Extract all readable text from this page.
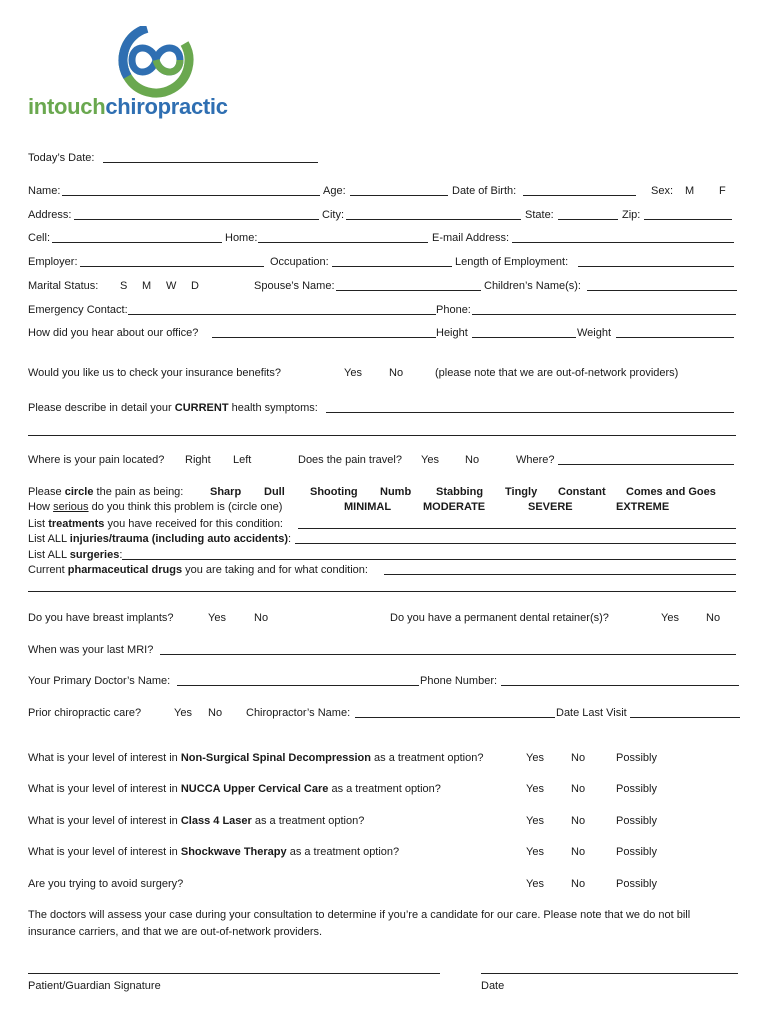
intouchchiropractic
Today’s Date:
Name:	Age:	Date of Birth:	Sex: M F
Address:	City:	State:	Zip:
Cell:	Home:	E-mail Address:
Employer:	Occupation:	Length of Employment:
Marital Status: S M W D	Spouse’s Name:	Children’s Name(s):
Emergency Contact:	Phone:
How did you hear about our office?	Height	Weight
Would you like us to check your insurance benefits?	Yes No	(please note that we are out-of-network providers)
Please describe in detail your CURRENT health symptoms:
Where is your pain located? Right Left	Does the pain travel? Yes No	Where?
Please circle the pain as being: Sharp Dull Shooting Numb Stabbing Tingly Constant Comes and Goes
How serious do you think this problem is (circle one)	MINIMAL	MODERATE	SEVERE	EXTREME
List treatments you have received for this condition:
List ALL injuries/trauma (including auto accidents):
List ALL surgeries:
Current pharmaceutical drugs you are taking and for what condition:
Do you have breast implants?	Yes	No	Do you have a permanent dental retainer(s)?	Yes No
When was your last MRI?
Your Primary Doctor’s Name:	Phone Number:
Prior chiropractic care?	Yes No Chiropractor’s Name:	Date Last Visit
What is your level of interest in Non-Surgical Spinal Decompression as a treatment option?	Yes No	Possibly
What is your level of interest in NUCCA Upper Cervical Care as a treatment option?	Yes No	Possibly
What is your level of interest in Class 4 Laser as a treatment option?	Yes No	Possibly
What is your level of interest in Shockwave Therapy as a treatment option?	Yes No	Possibly
Are you trying to avoid surgery?	Yes No	Possibly
The doctors will assess your case during your consultation to determine if you’re a candidate for our care. Please note that we do not bill
insurance carriers, and that we are out-of-network providers.
Patient/Guardian Signature	Date
